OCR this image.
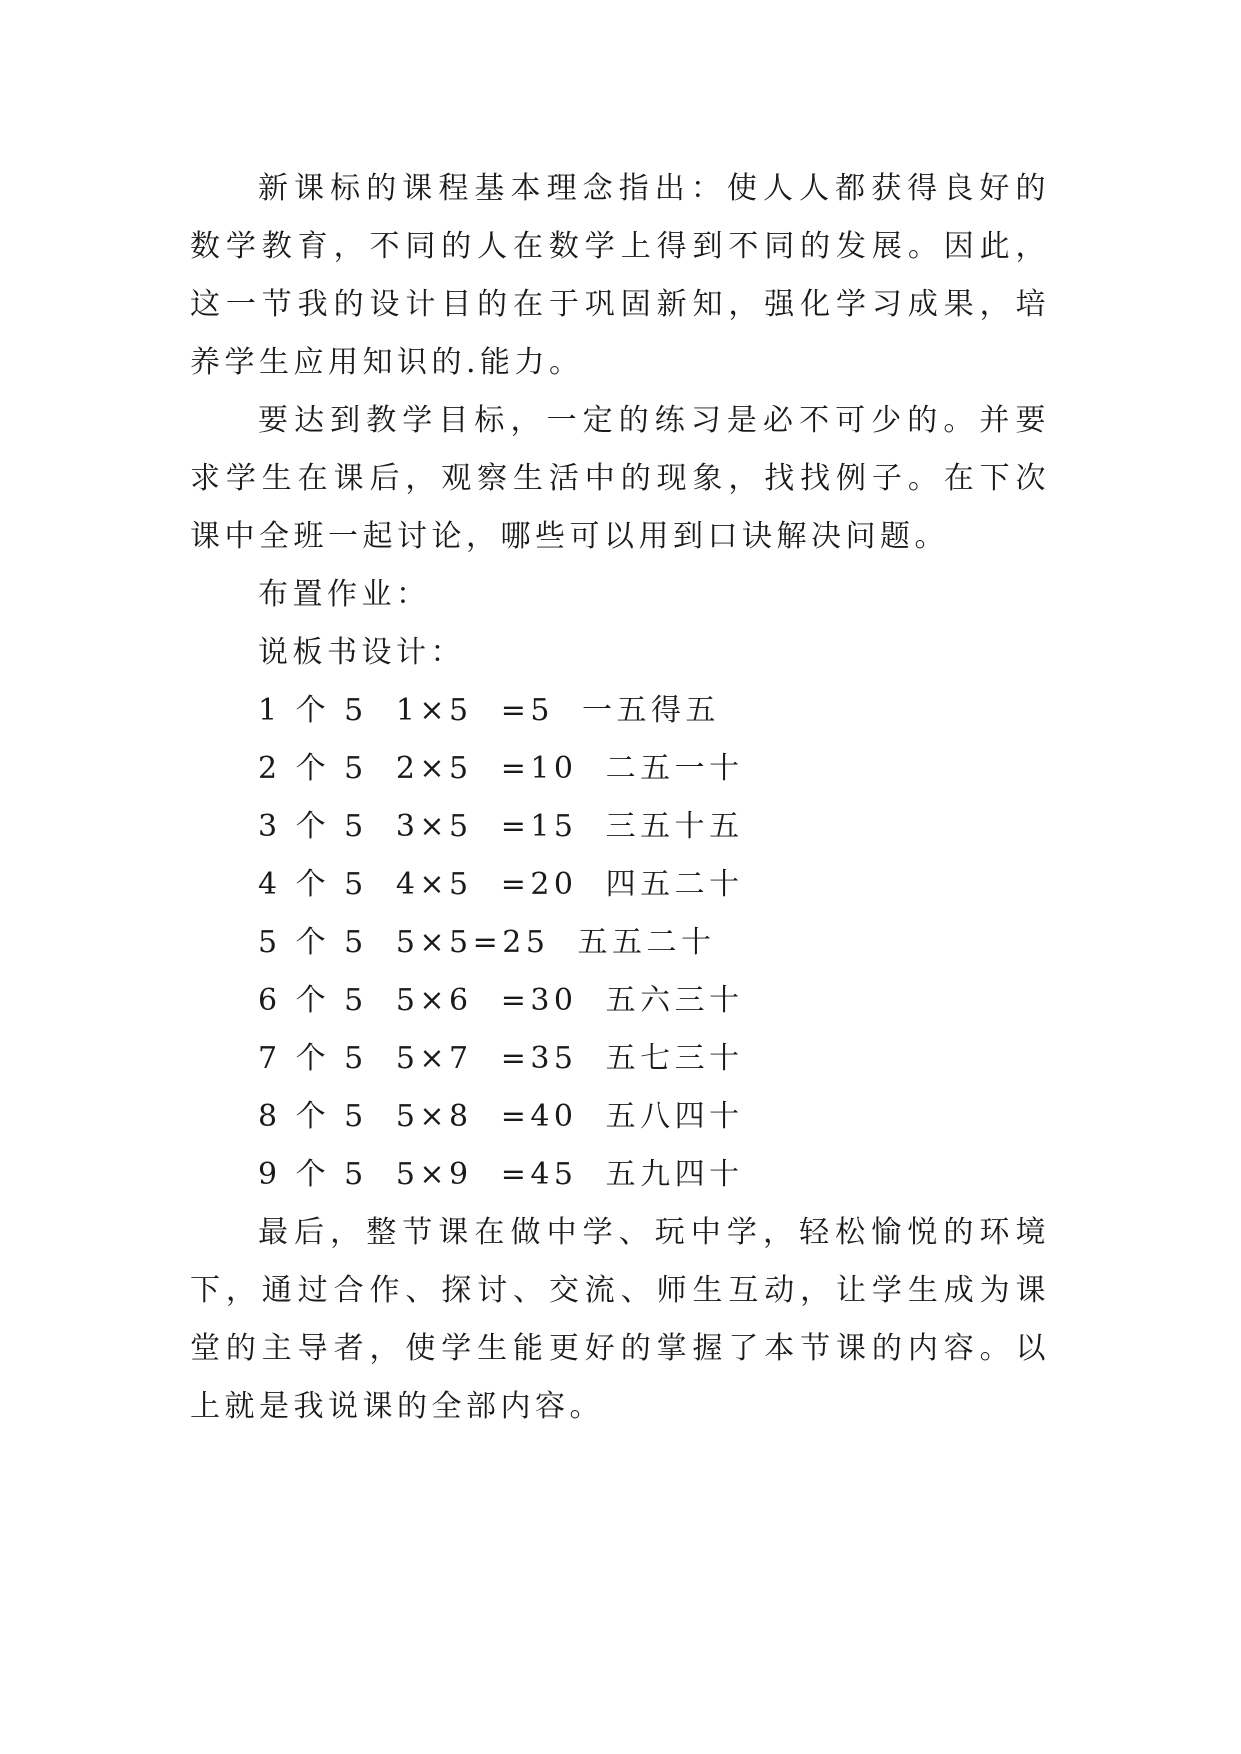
新课标的课程基本理念指出：使人人都获得良好的数学教育，不同的人在数学上得到不同的发展。因此，这一节我的设计目的在于巩固新知，强化学习成果，培养学生应用知识的.能力。

要达到教学目标，一定的练习是必不可少的。并要求学生在课后，观察生活中的现象，找找例子。在下次课中全班一起讨论，哪些可以用到口诀解决问题。

布置作业：

说板书设计：

1 个 5  1×5  =5  一五得五

2 个 5  2×5  =10  二五一十

3 个 5  3×5  =15  三五十五

4 个 5  4×5  =20  四五二十

5 个 5  5×5=25  五五二十

6 个 5  5×6  =30  五六三十

7 个 5  5×7  =35  五七三十

8 个 5  5×8  =40  五八四十

9 个 5  5×9  =45  五九四十

最后，整节课在做中学、玩中学，轻松愉悦的环境下，通过合作、探讨、交流、师生互动，让学生成为课堂的主导者，使学生能更好的掌握了本节课的内容。以上就是我说课的全部内容。
